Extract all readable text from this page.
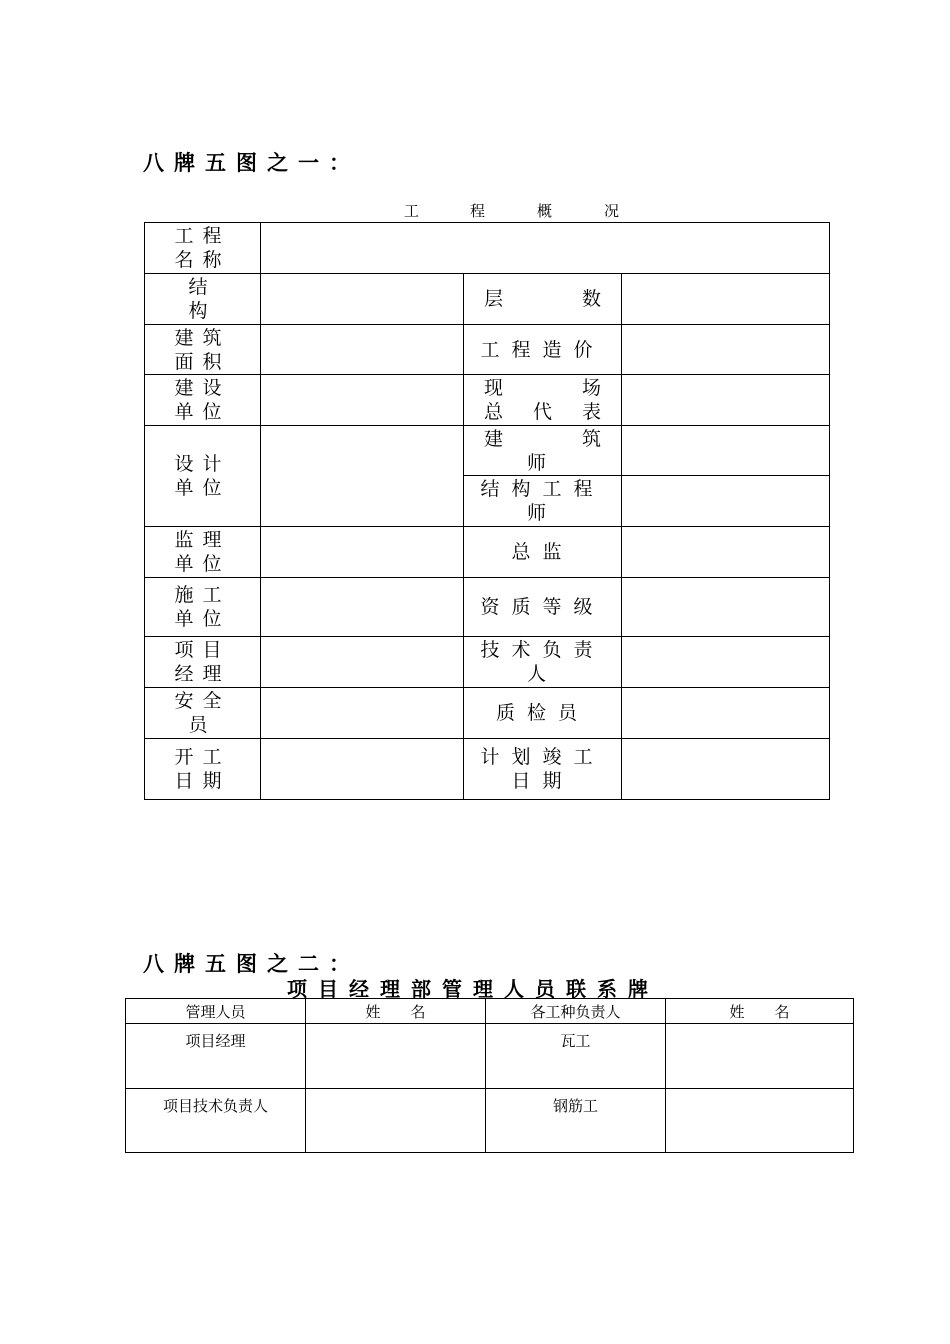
八牌五图之一：
工	程	概	况
工程
名称			

结
构		层数	

建筑
面积		工程造价	

建设
单位		现场
总代表	

设计
单位		建筑
师	

		结构工程
师	

监理
单位		总监	

施工
单位		资质等级	

项目
经理		技术负责
人	

安全
员		质检员	

开工
日期		计划竣工
日期	

八牌五图之二：
项目经理部管理人员联系牌
管理人员	姓　　名	各工种负责人	姓　　名
项目经理		瓦工	
项目技术负责人		钢筋工	
